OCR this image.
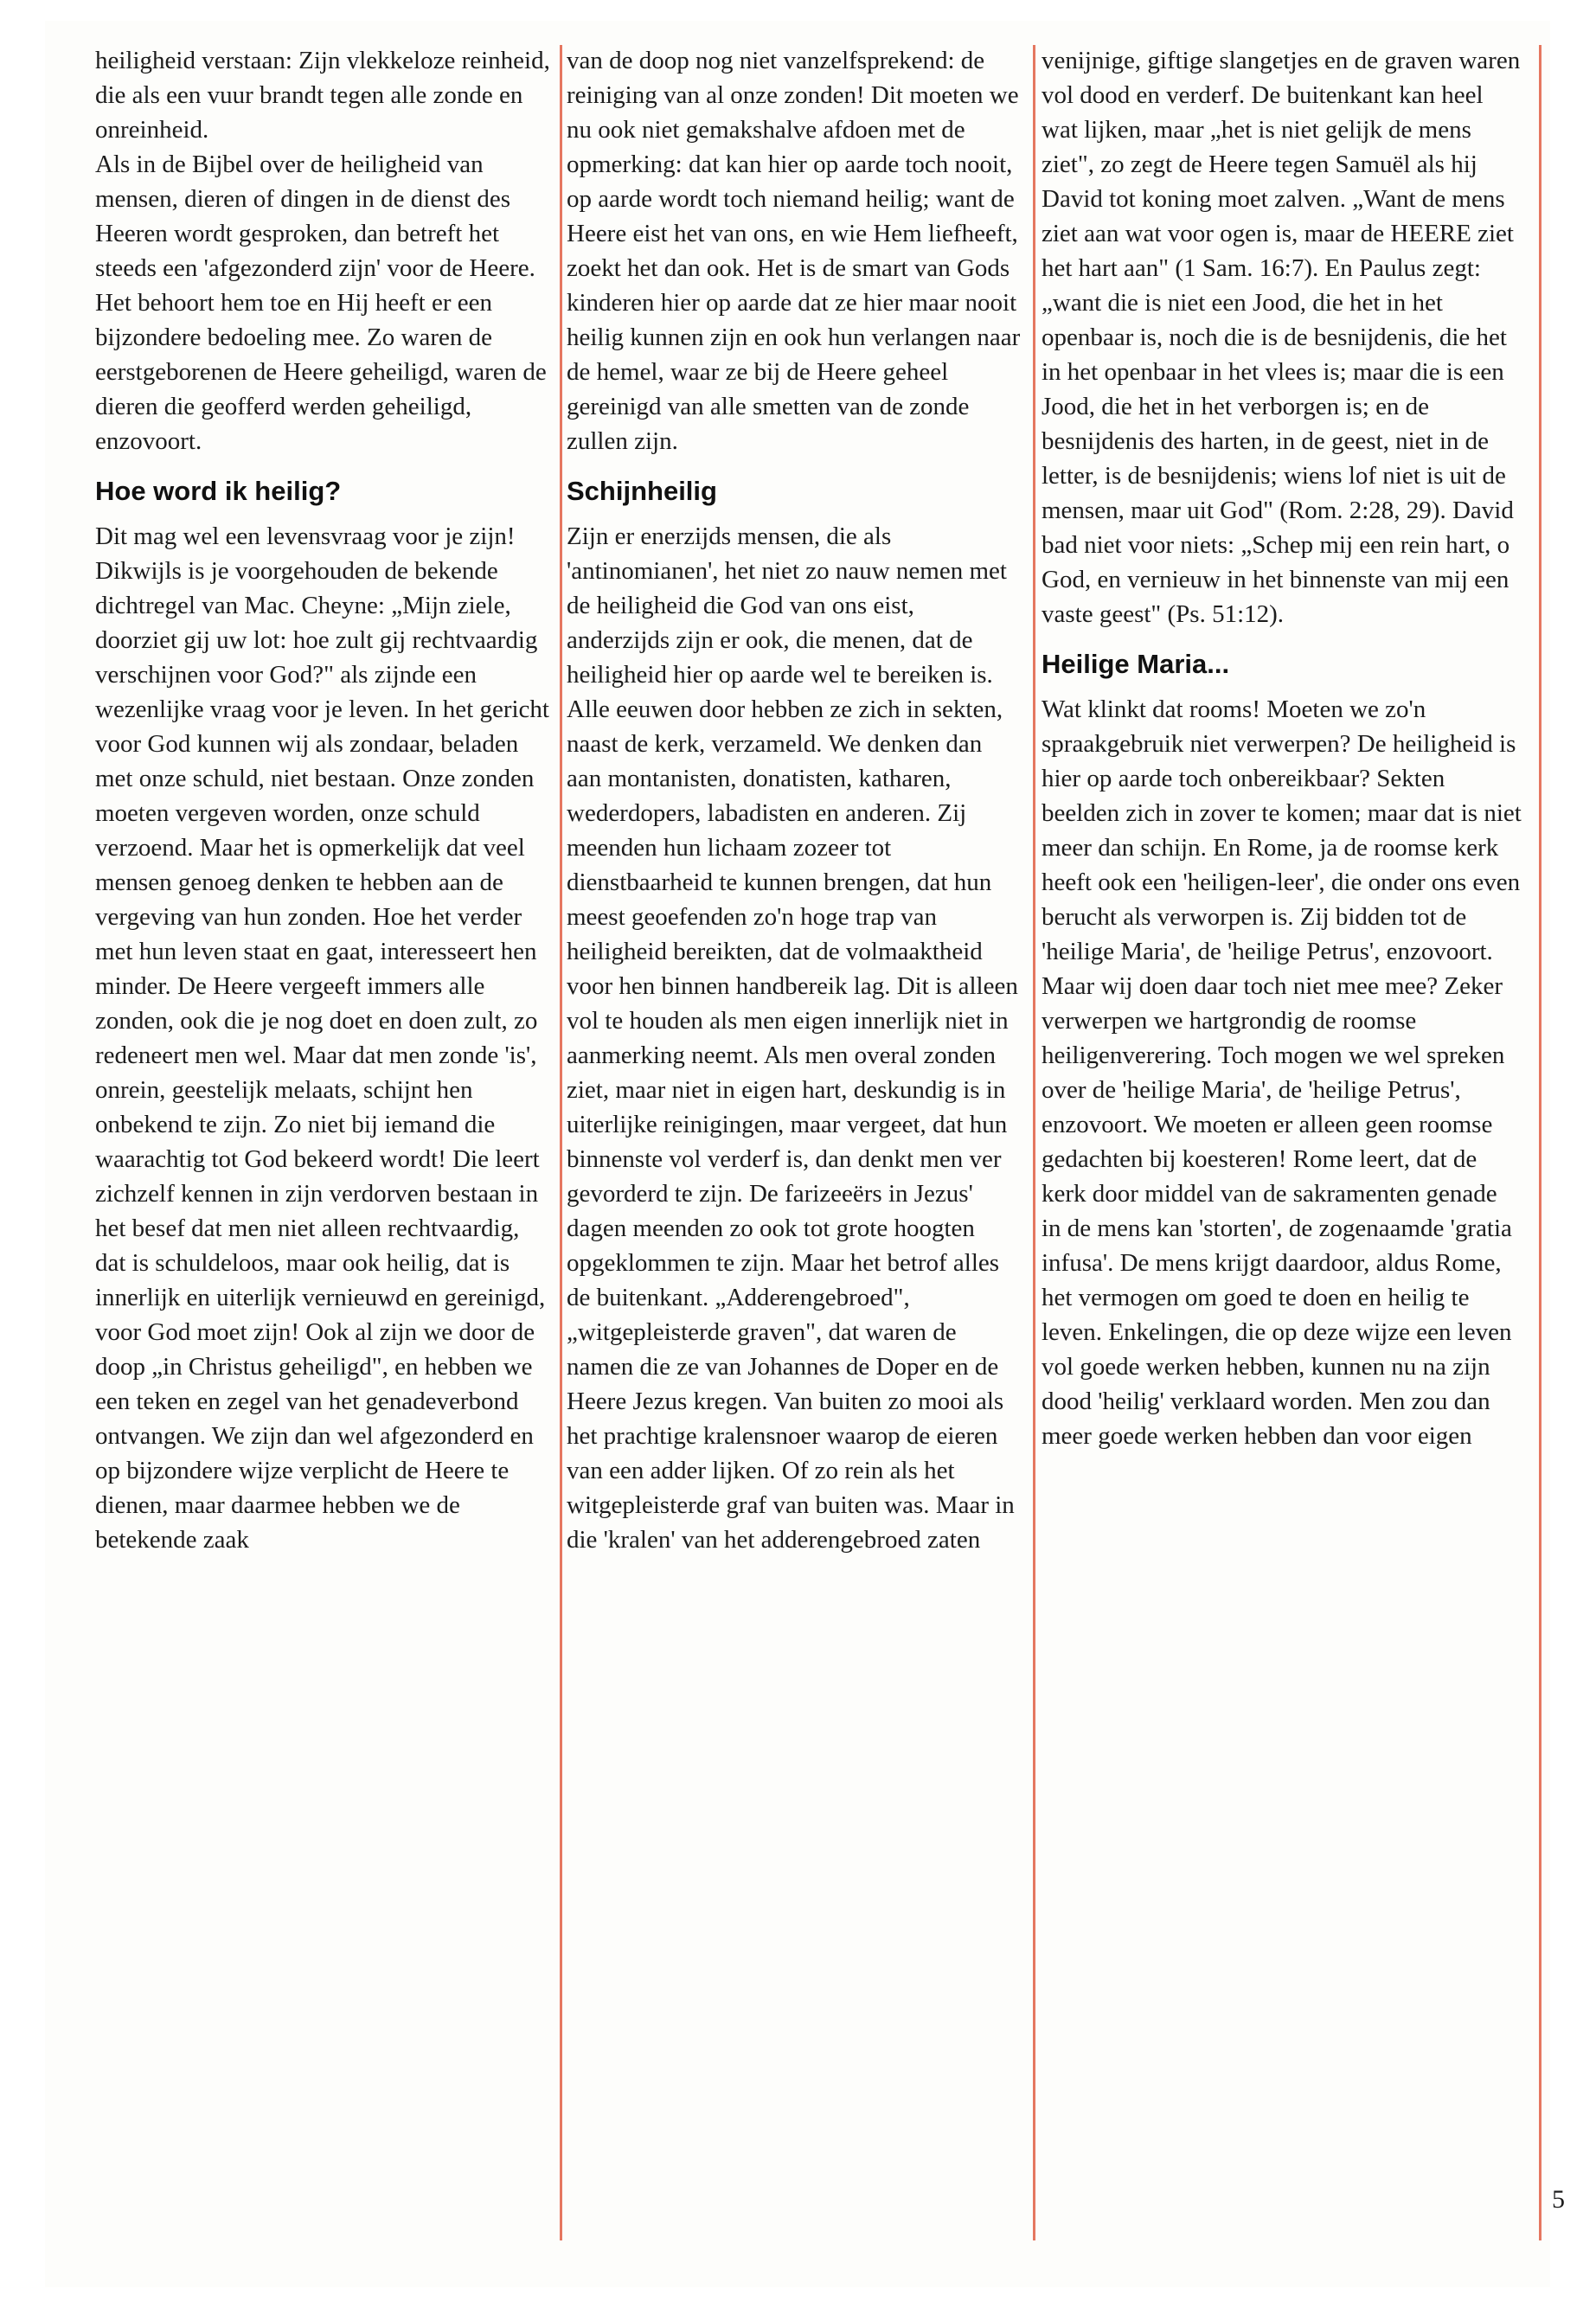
heiligheid verstaan: Zijn vlekkeloze reinheid, die als een vuur brandt tegen alle zonde en onreinheid.

Als in de Bijbel over de heiligheid van mensen, dieren of dingen in de dienst des Heeren wordt gesproken, dan betreft het steeds een 'afgezonderd zijn' voor de Heere. Het behoort hem toe en Hij heeft er een bijzondere bedoeling mee. Zo waren de eerstgeborenen de Heere geheiligd, waren de dieren die geofferd werden geheiligd, enzovoort.

Hoe word ik heilig?

Dit mag wel een levensvraag voor je zijn! Dikwijls is je voorgehouden de bekende dichtregel van Mac. Cheyne: „Mijn ziele, doorziet gij uw lot: hoe zult gij rechtvaardig verschijnen voor God?" als zijnde een wezenlijke vraag voor je leven. In het gericht voor God kunnen wij als zondaar, beladen met onze schuld, niet bestaan. Onze zonden moeten vergeven worden, onze schuld verzoend. Maar het is opmerkelijk dat veel mensen genoeg denken te hebben aan de vergeving van hun zonden. Hoe het verder met hun leven staat en gaat, interesseert hen minder. De Heere vergeeft immers alle zonden, ook die je nog doet en doen zult, zo redeneert men wel. Maar dat men zonde 'is', onrein, geestelijk melaats, schijnt hen onbekend te zijn. Zo niet bij iemand die waarachtig tot God bekeerd wordt! Die leert zichzelf kennen in zijn verdorven bestaan in het besef dat men niet alleen rechtvaardig, dat is schuldeloos, maar ook heilig, dat is innerlijk en uiterlijk vernieuwd en gereinigd, voor God moet zijn! Ook al zijn we door de doop „in Christus geheiligd", en hebben we een teken en zegel van het genadeverbond ontvangen. We zijn dan wel afgezonderd en op bijzondere wijze verplicht de Heere te dienen, maar daarmee hebben we de betekende zaak

van de doop nog niet vanzelfsprekend: de reiniging van al onze zonden! Dit moeten we nu ook niet gemakshalve afdoen met de opmerking: dat kan hier op aarde toch nooit, op aarde wordt toch niemand heilig; want de Heere eist het van ons, en wie Hem liefheeft, zoekt het dan ook. Het is de smart van Gods kinderen hier op aarde dat ze hier maar nooit heilig kunnen zijn en ook hun verlangen naar de hemel, waar ze bij de Heere geheel gereinigd van alle smetten van de zonde zullen zijn.

Schijnheilig

Zijn er enerzijds mensen, die als 'antinomianen', het niet zo nauw nemen met de heiligheid die God van ons eist, anderzijds zijn er ook, die menen, dat de heiligheid hier op aarde wel te bereiken is. Alle eeuwen door hebben ze zich in sekten, naast de kerk, verzameld. We denken dan aan montanisten, donatisten, katharen, wederdopers, labadisten en anderen. Zij meenden hun lichaam zozeer tot dienstbaarheid te kunnen brengen, dat hun meest geoefenden zo'n hoge trap van heiligheid bereikten, dat de volmaaktheid voor hen binnen handbereik lag. Dit is alleen vol te houden als men eigen innerlijk niet in aanmerking neemt. Als men overal zonden ziet, maar niet in eigen hart, deskundig is in uiterlijke reinigingen, maar vergeet, dat hun binnenste vol verderf is, dan denkt men ver gevorderd te zijn. De farizeeërs in Jezus' dagen meenden zo ook tot grote hoogten opgeklommen te zijn. Maar het betrof alles de buitenkant. „Adderengebroed", „witgepleisterde graven", dat waren de namen die ze van Johannes de Doper en de Heere Jezus kregen. Van buiten zo mooi als het prachtige kralensnoer waarop de eieren van een adder lijken. Of zo rein als het witgepleisterde graf van buiten was. Maar in die 'kralen' van het adderengebroed zaten

venijnige, giftige slangetjes en de graven waren vol dood en verderf. De buitenkant kan heel wat lijken, maar „het is niet gelijk de mens ziet", zo zegt de Heere tegen Samuël als hij David tot koning moet zalven. „Want de mens ziet aan wat voor ogen is, maar de HEERE ziet het hart aan" (1 Sam. 16:7). En Paulus zegt: „want die is niet een Jood, die het in het openbaar is, noch die is de besnijdenis, die het in het openbaar in het vlees is; maar die is een Jood, die het in het verborgen is; en de besnijdenis des harten, in de geest, niet in de letter, is de besnijdenis; wiens lof niet is uit de mensen, maar uit God" (Rom. 2:28, 29). David bad niet voor niets: „Schep mij een rein hart, o God, en vernieuw in het binnenste van mij een vaste geest" (Ps. 51:12).

Heilige Maria...

Wat klinkt dat rooms! Moeten we zo'n spraakgebruik niet verwerpen? De heiligheid is hier op aarde toch onbereikbaar? Sekten beelden zich in zover te komen; maar dat is niet meer dan schijn. En Rome, ja de roomse kerk heeft ook een 'heiligen-leer', die onder ons even berucht als verworpen is. Zij bidden tot de 'heilige Maria', de 'heilige Petrus', enzovoort. Maar wij doen daar toch niet mee mee? Zeker verwerpen we hartgrondig de roomse heiligenverering. Toch mogen we wel spreken over de 'heilige Maria', de 'heilige Petrus', enzovoort. We moeten er alleen geen roomse gedachten bij koesteren! Rome leert, dat de kerk door middel van de sakramenten genade in de mens kan 'storten', de zogenaamde 'gratia infusa'. De mens krijgt daardoor, aldus Rome, het vermogen om goed te doen en heilig te leven. Enkelingen, die op deze wijze een leven vol goede werken hebben, kunnen nu na zijn dood 'heilig' verklaard worden. Men zou dan meer goede werken hebben dan voor eigen

5
